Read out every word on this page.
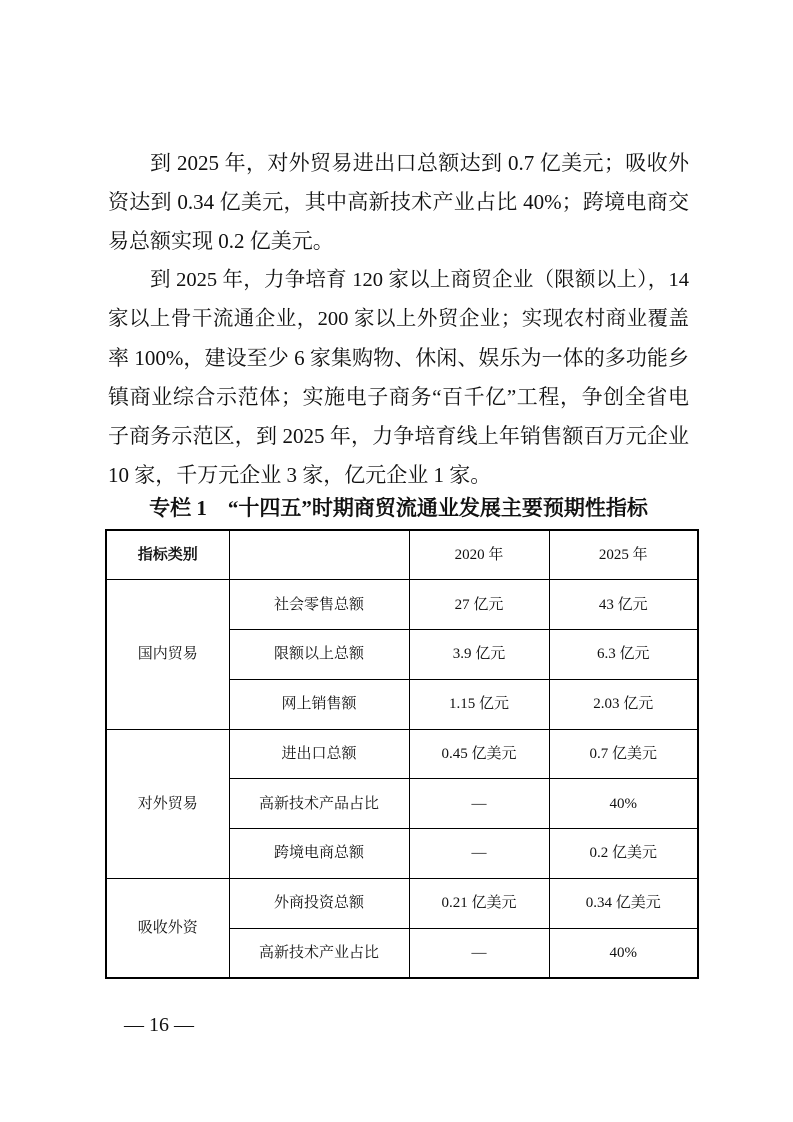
到 2025 年，对外贸易进出口总额达到 0.7 亿美元；吸收外
资达到 0.34 亿美元，其中高新技术产业占比 40%；跨境电商交
易总额实现 0.2 亿美元。
到 2025 年，力争培育 120 家以上商贸企业（限额以上），14
家以上骨干流通企业，200 家以上外贸企业；实现农村商业覆盖
率 100%，建设至少 6 家集购物、休闲、娱乐为一体的多功能乡
镇商业综合示范体；实施电子商务“百千亿”工程，争创全省电
子商务示范区，到 2025 年，力争培育线上年销售额百万元企业
10 家，千万元企业 3 家，亿元企业 1 家。
专栏 1　“十四五”时期商贸流通业发展主要预期性指标
指标类别		2020 年	2025 年
国内贸易	社会零售总额	27 亿元	43 亿元
	限额以上总额	3.9 亿元	6.3 亿元
	网上销售额	1.15 亿元	2.03 亿元
对外贸易	进出口总额	0.45 亿美元	0.7 亿美元
	高新技术产品占比	—	40%
	跨境电商总额	—	0.2 亿美元
吸收外资	外商投资总额	0.21 亿美元	0.34 亿美元
	高新技术产业占比	—	40%
— 16 —
